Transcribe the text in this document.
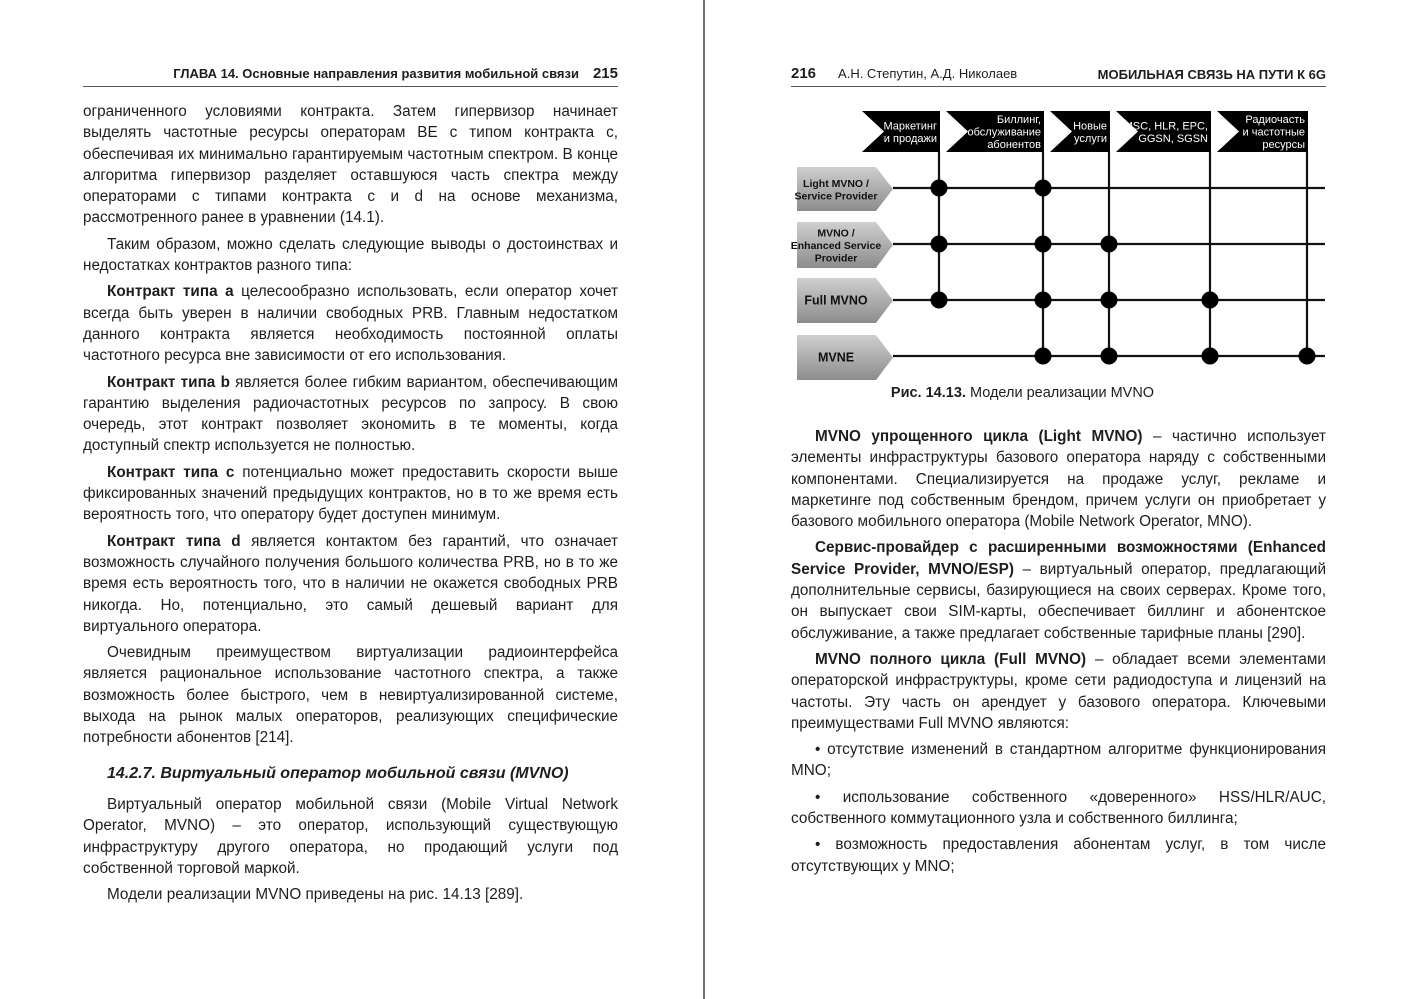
ГЛАВА 14. Основные направления развития мобильной связи 215

ограниченного условиями контракта. Затем гипервизор начинает выделять частотные ресурсы операторам BE с типом контракта c, обеспечивая их минимально гарантируемым частотным спектром. В конце алгоритма гипервизор разделяет оставшуюся часть спектра между операторами с типами контракта c и d на основе механизма, рассмотренного ранее в уравнении (14.1).

Таким образом, можно сделать следующие выводы о достоинствах и недостатках контрактов разного типа:

Контракт типа a целесообразно использовать, если оператор хочет всегда быть уверен в наличии свободных PRB. Главным недостатком данного контракта является необходимость постоянной оплаты частотного ресурса вне зависимости от его использования.

Контракт типа b является более гибким вариантом, обеспечивающим гарантию выделения радиочастотных ресурсов по запросу. В свою очередь, этот контракт позволяет экономить в те моменты, когда доступный спектр используется не полностью.

Контракт типа c потенциально может предоставить скорости выше фиксированных значений предыдущих контрактов, но в то же время есть вероятность того, что оператору будет доступен минимум.

Контракт типа d является контактом без гарантий, что означает возможность случайного получения большого количества PRB, но в то же время есть вероятность того, что в наличии не окажется свободных PRB никогда. Но, потенциально, это самый дешевый вариант для виртуального оператора.

Очевидным преимуществом виртуализации радиоинтерфейса является рациональное использование частотного спектра, а также возможность более быстрого, чем в невиртуализированной системе, выхода на рынок малых операторов, реализующих специфические потребности абонентов [214].

14.2.7. Виртуальный оператор мобильной связи (MVNO)

Виртуальный оператор мобильной связи (Mobile Virtual Network Operator, MVNO) – это оператор, использующий существующую инфраструктуру другого оператора, но продающий услуги под собственной торговой маркой.

Модели реализации MVNO приведены на рис. 14.13 [289].

216 А.Н. Степутин, А.Д. Николаев	МОБИЛЬНАЯ СВЯЗЬ НА ПУТИ К 6G
Маркетинг
и продажи
Биллинг,
обслуживание
абонентов
Новые
услуги
MSC, HLR, EPC,
GGSN, SGSN
Радиочасть
и частотные
ресурсы
Light MVNO /
Service Provider
MVNO /
Enhanced Service
Provider
Full MVNO
MVNE
Рис. 14.13. Модели реализации MVNO

MVNO упрощенного цикла (Light MVNO) – частично использует элементы инфраструктуры базового оператора наряду с собственными компонентами. Специализируется на продаже услуг, рекламе и маркетинге под собственным брендом, причем услуги он приобретает у базового мобильного оператора (Mobile Network Operator, MNO).

Сервис-провайдер с расширенными возможностями (Enhanced Service Provider, MVNO/ESP) – виртуальный оператор, предлагающий дополнительные сервисы, базирующиеся на своих серверах. Кроме того, он выпускает свои SIM-карты, обеспечивает биллинг и абонентское обслуживание, а также предлагает собственные тарифные планы [290].

MVNO полного цикла (Full MVNO) – обладает всеми элементами операторской инфраструктуры, кроме сети радиодоступа и лицензий на частоты. Эту часть он арендует у базового оператора. Ключевыми преимуществами Full MVNO являются:

• отсутствие изменений в стандартном алгоритме функционирования MNO;

• использование собственного «доверенного» HSS/HLR/AUC, собственного коммутационного узла и собственного биллинга;

• возможность предоставления абонентам услуг, в том числе отсутствующих у MNO;
